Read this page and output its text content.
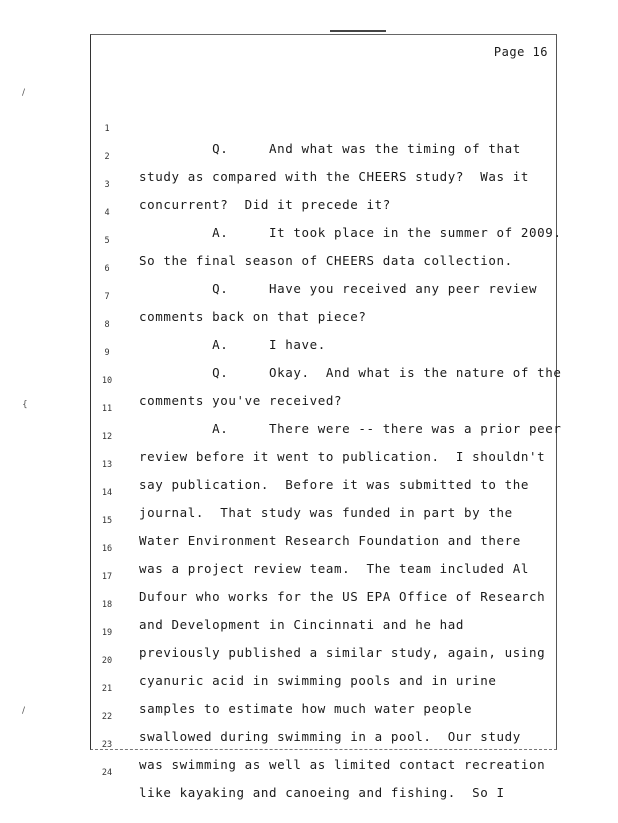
/
{
/
Page 16

1

Q.     And what was the timing of that

2

study as compared with the CHEERS study?  Was it

3

concurrent?  Did it precede it?

4

A.     It took place in the summer of 2009.

5

So the final season of CHEERS data collection.

6

Q.     Have you received any peer review

7

comments back on that piece?

8

A.     I have.

9

Q.     Okay.  And what is the nature of the

10

comments you've received?

11

A.     There were -- there was a prior peer

12

review before it went to publication.  I shouldn't

13

say publication.  Before it was submitted to the

14

journal.  That study was funded in part by the

15

Water Environment Research Foundation and there

16

was a project review team.  The team included Al

17

Dufour who works for the US EPA Office of Research

18

and Development in Cincinnati and he had

19

previously published a similar study, again, using

20

cyanuric acid in swimming pools and in urine

21

samples to estimate how much water people

22

swallowed during swimming in a pool.  Our study

23

was swimming as well as limited contact recreation

24

like kayaking and canoeing and fishing.  So I
